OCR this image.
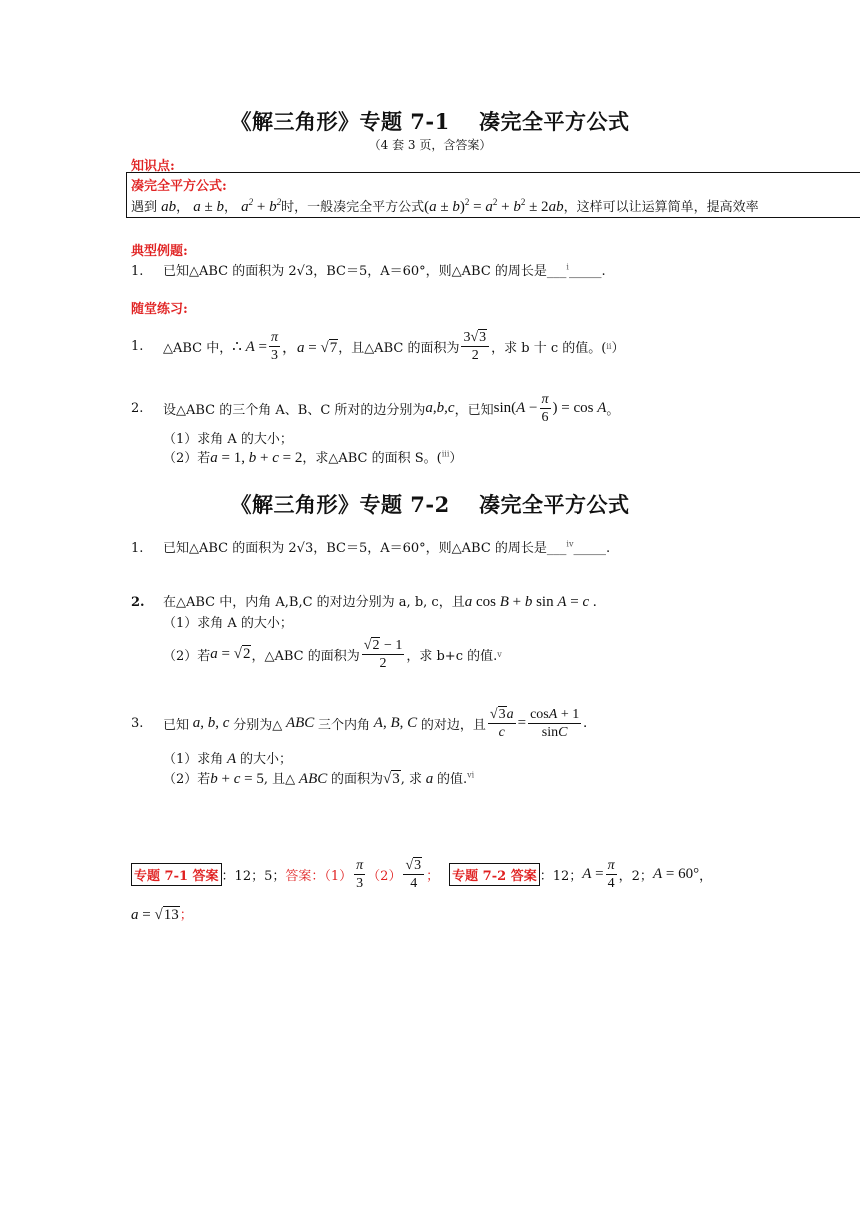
《解三角形》专题 7-1　 凑完全平方公式
（4 套 3 页，含答案）
知识点:
凑完全平方公式:
遇到 ab， a ± b， $a^2 + b^2$时，一般凑完全平方公式$(a \pm b)^2 = a^2 + b^2 \pm 2ab$，这样可以让运算简单，提高效率
典型例题:
1. 已知△ABC 的面积为 2√3，BC＝5，A＝60°，则△ABC 的周长是___$^i$_____.
随堂练习:
1.	△ABC 中， ∴ $A = \frac{\pi}{3}$ ，a = √7 ，且△ABC 的面积为 $\frac{3√3}{2}$ ，求 b 十 c 的值。( ii ）
2.	设△ABC 的三个角 A、B、C 所对的边分别为 a , b , c ，已知 $\sin(A - \frac{\pi}{6}$ ) = cos A 。
（1）求角 A 的大小；
（2）若a = 1, b + c = 2，求△ABC 的面积 S。($^{iii}$）
《解三角形》专题 7-2　 凑完全平方公式
1. 已知△ABC 的面积为 2√3，BC＝5，A＝60°，则△ABC 的周长是___$^{iv}$_____.
2. 在△ABC 中，内角 A,B,C 的对边分别为 a, b, c，且a cos B + b sin A = c .
（1）求角 A 的大小；
（2）若 a = √2 ，△ABC 的面积为 $\frac{√2 - 1}{2}$ ，求 b+c 的值. v
3.	已知 a , b , c 分别为△ ABC 三个内角 A , B , C 的对边，且 $\frac{√3a}{c} = \frac{\cos A + 1}{\sin C}$ .
（1）求角 A 的大小；
（2）若b + c = 5, 且△ ABC 的面积为√3, 求 a 的值.$^{vi}$
专题 7-1 答案 ：12；5； 答案：$(1) \frac{\pi}{3} (2) \frac{√3}{4}$ ； 专题 7-2 答案 ：12； $A = \frac{\pi}{4}$ ，2； A = 60° ，
a = √13；
